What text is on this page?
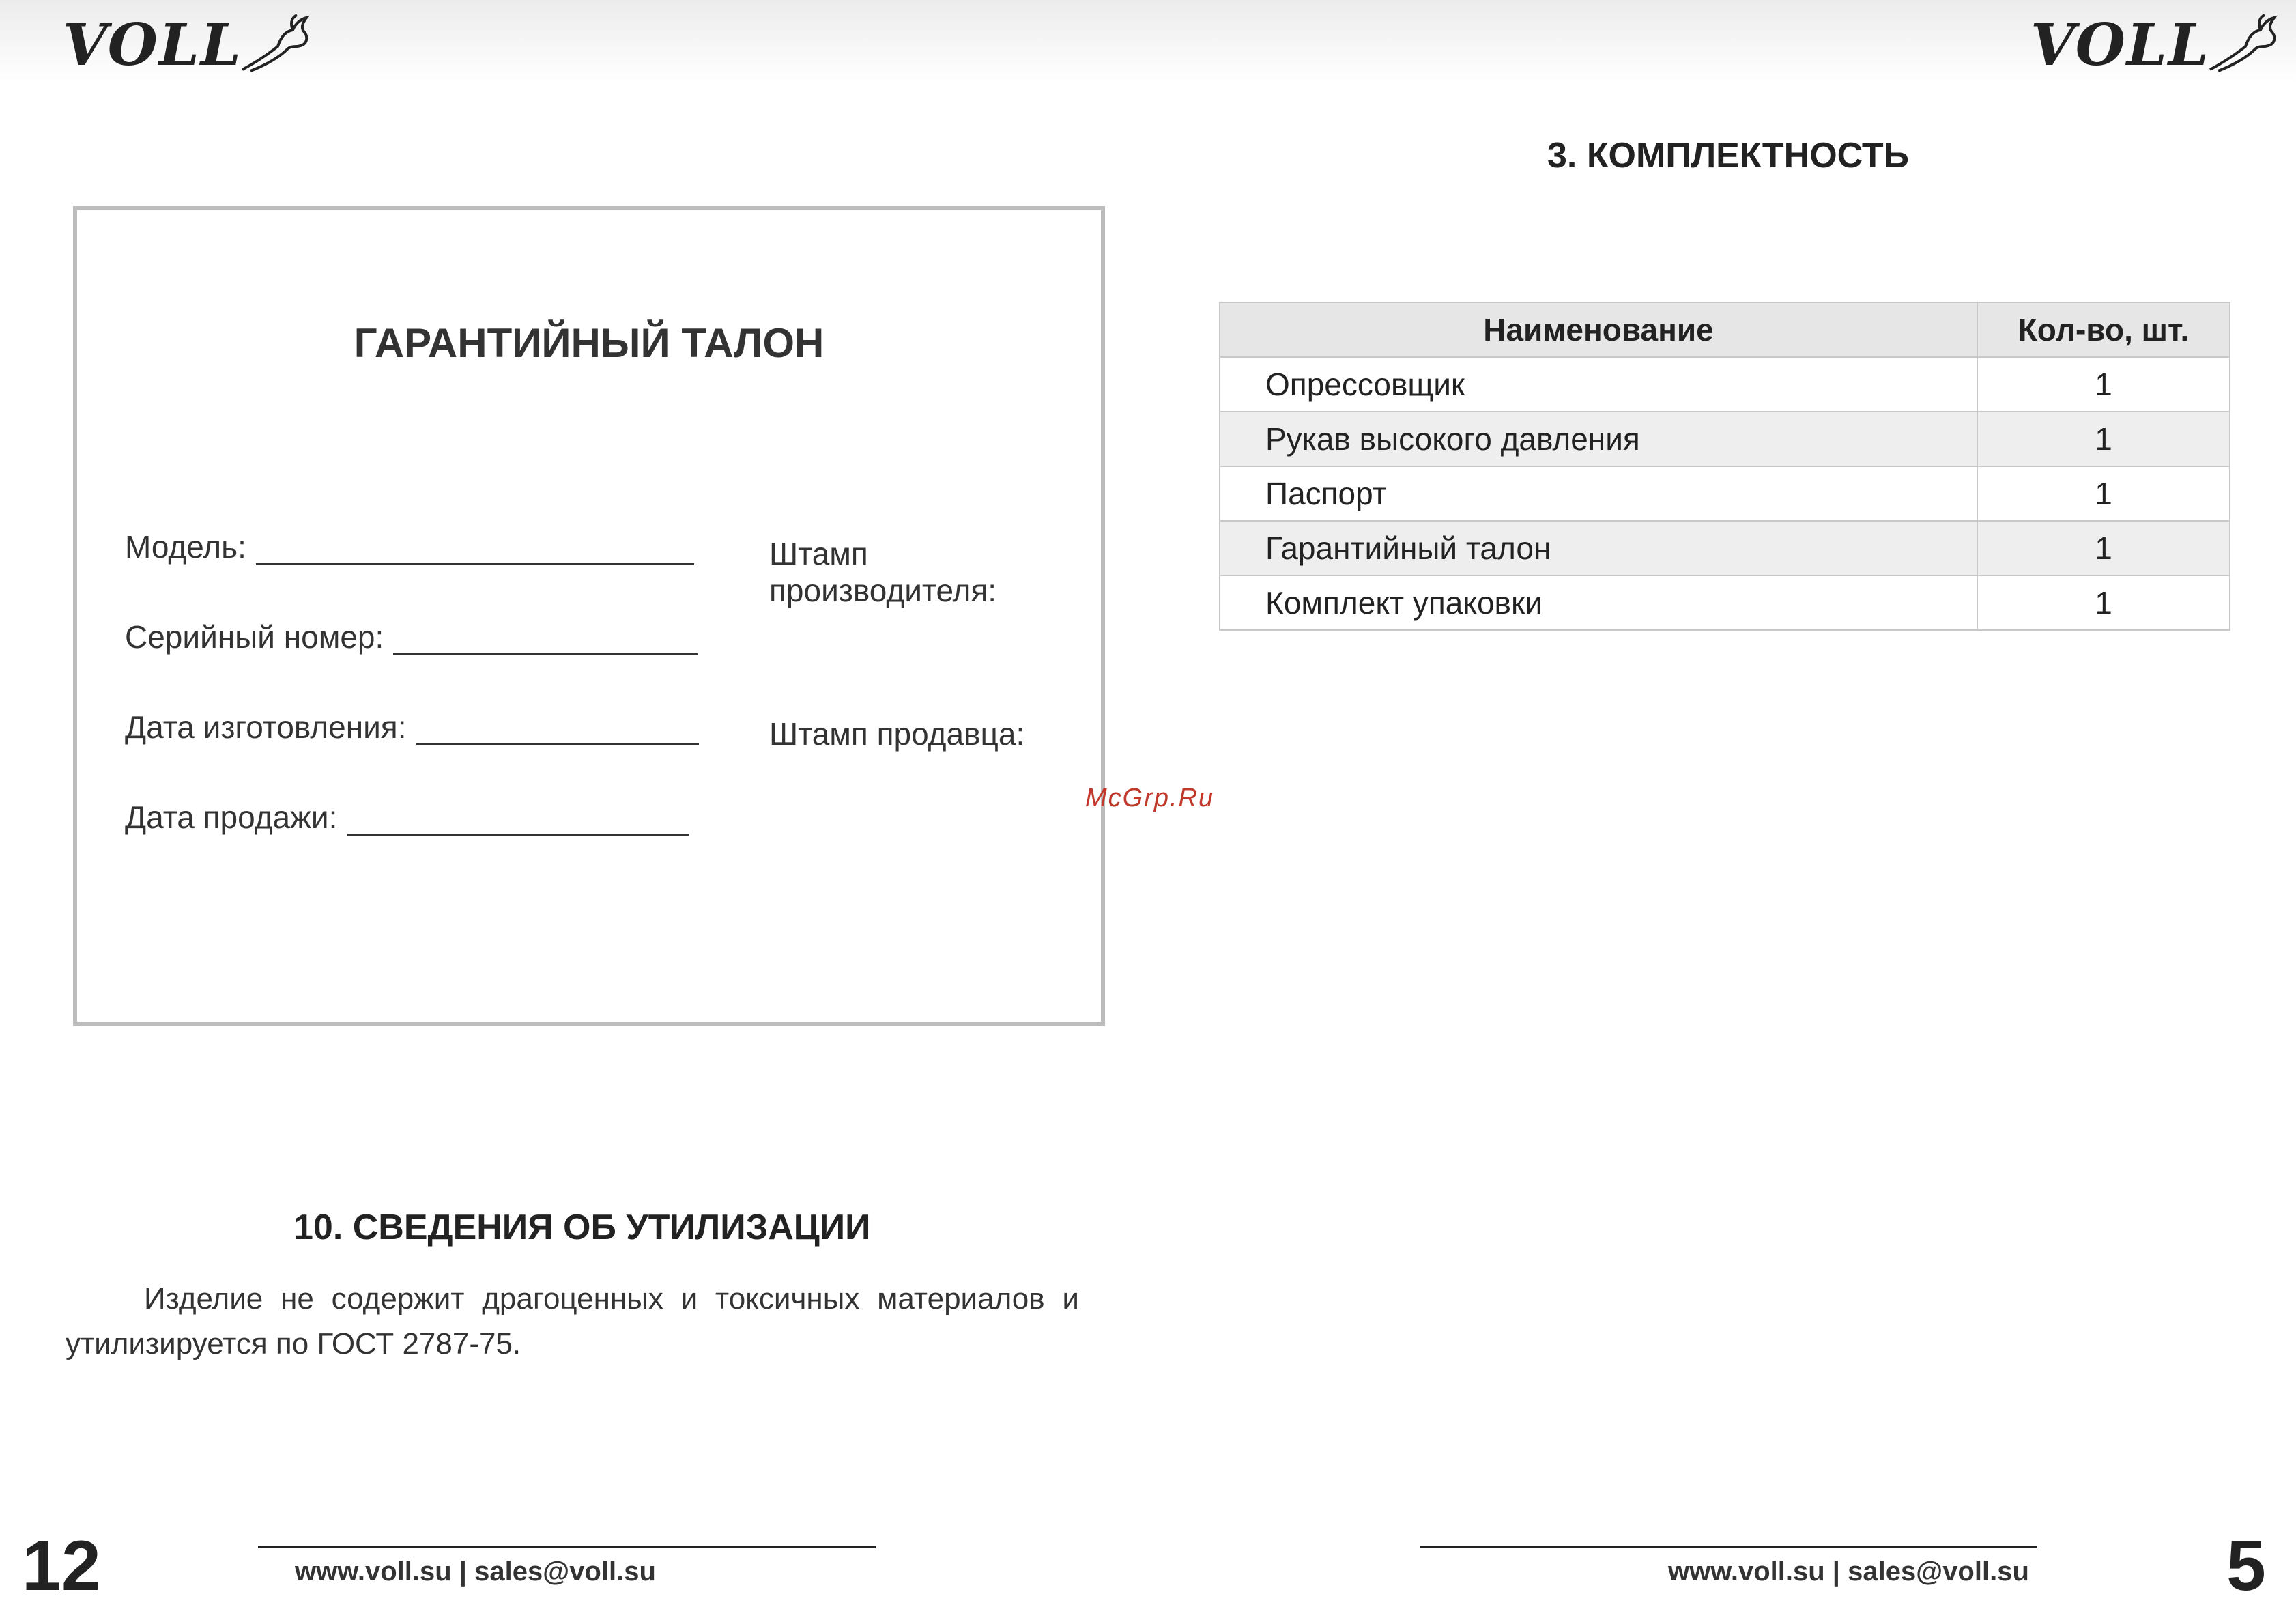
VOLL	VOLL
ГАРАНТИЙНЫЙ ТАЛОН
Модель:
Серийный номер:
Дата изготовления:
Дата продажи:
Штамп производителя:
Штамп продавца:
McGrp.Ru
10. СВЕДЕНИЯ ОБ УТИЛИЗАЦИИ
Изделие не содержит драгоценных и токсичных материалов и утилизируется по ГОСТ 2787-75.
3. КОМПЛЕКТНОСТЬ
Наименование	Кол-во, шт.
Опрессовщик	1
Рукав высокого давления	1
Паспорт	1
Гарантийный талон	1
Комплект упаковки	1
www.voll.su | sales@voll.su
12	www.voll.su | sales@voll.su	5
